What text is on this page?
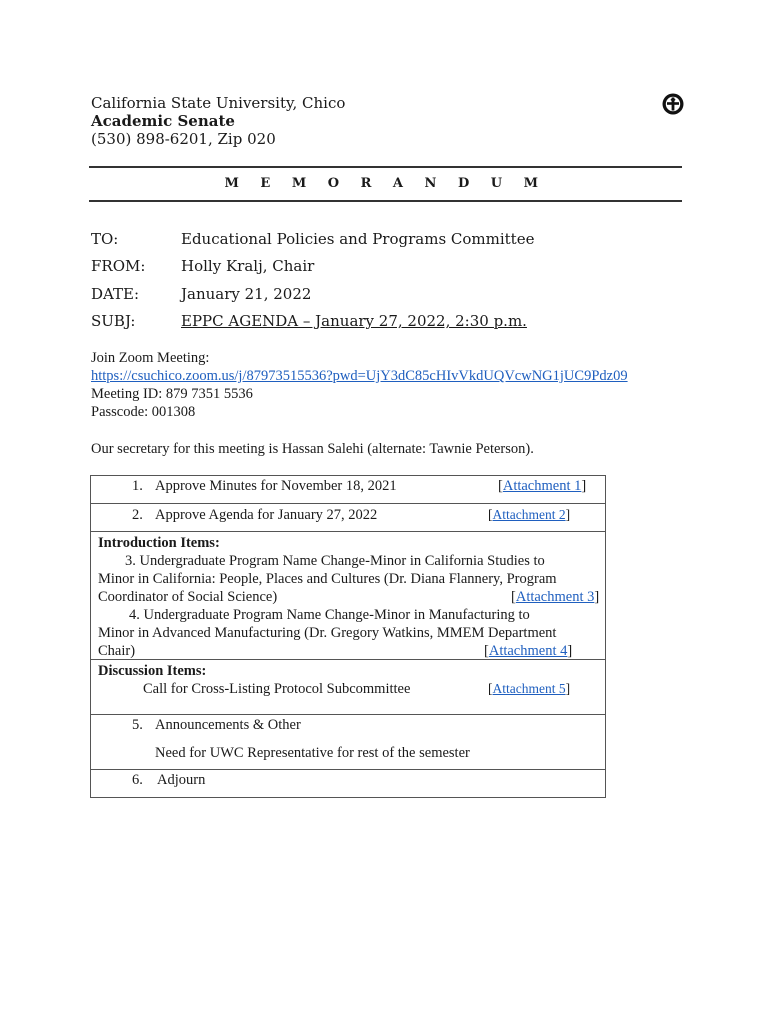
California State University, Chico
Academic Senate
(530) 898-6201, Zip 020
M E M O R A N D U M
TO:	Educational Policies and Programs Committee
FROM: Holly Kralj, Chair
DATE:	January 21, 2022
SUBJ:	EPPC AGENDA – January 27, 2022, 2:30 p.m.
Join Zoom Meeting:
https://csuchico.zoom.us/j/87973515536?pwd=UjY3dC85cHIvVkdUQVcwNG1jUC9Pdz09
Meeting ID: 879 7351 5536
Passcode: 001308
Our secretary for this meeting is Hassan Salehi (alternate: Tawnie Peterson).
1. Approve Minutes for November 18, 2021	[Attachment 1]

2. Approve Agenda for January 27, 2022	[Attachment 2]

Introduction Items:
3. Undergraduate Program Name Change-Minor in California Studies to
Minor in California: People, Places and Cultures (Dr. Diana Flannery, Program
Coordinator of Social Science)	[Attachment 3]
4. Undergraduate Program Name Change-Minor in Manufacturing to
Minor in Advanced Manufacturing (Dr. Gregory Watkins, MMEM Department
Chair)	[Attachment 4]

Discussion Items:
Call for Cross-Listing Protocol Subcommittee	[Attachment 5]

5. Announcements & Other
Need for UWC Representative for rest of the semester

6. Adjourn
